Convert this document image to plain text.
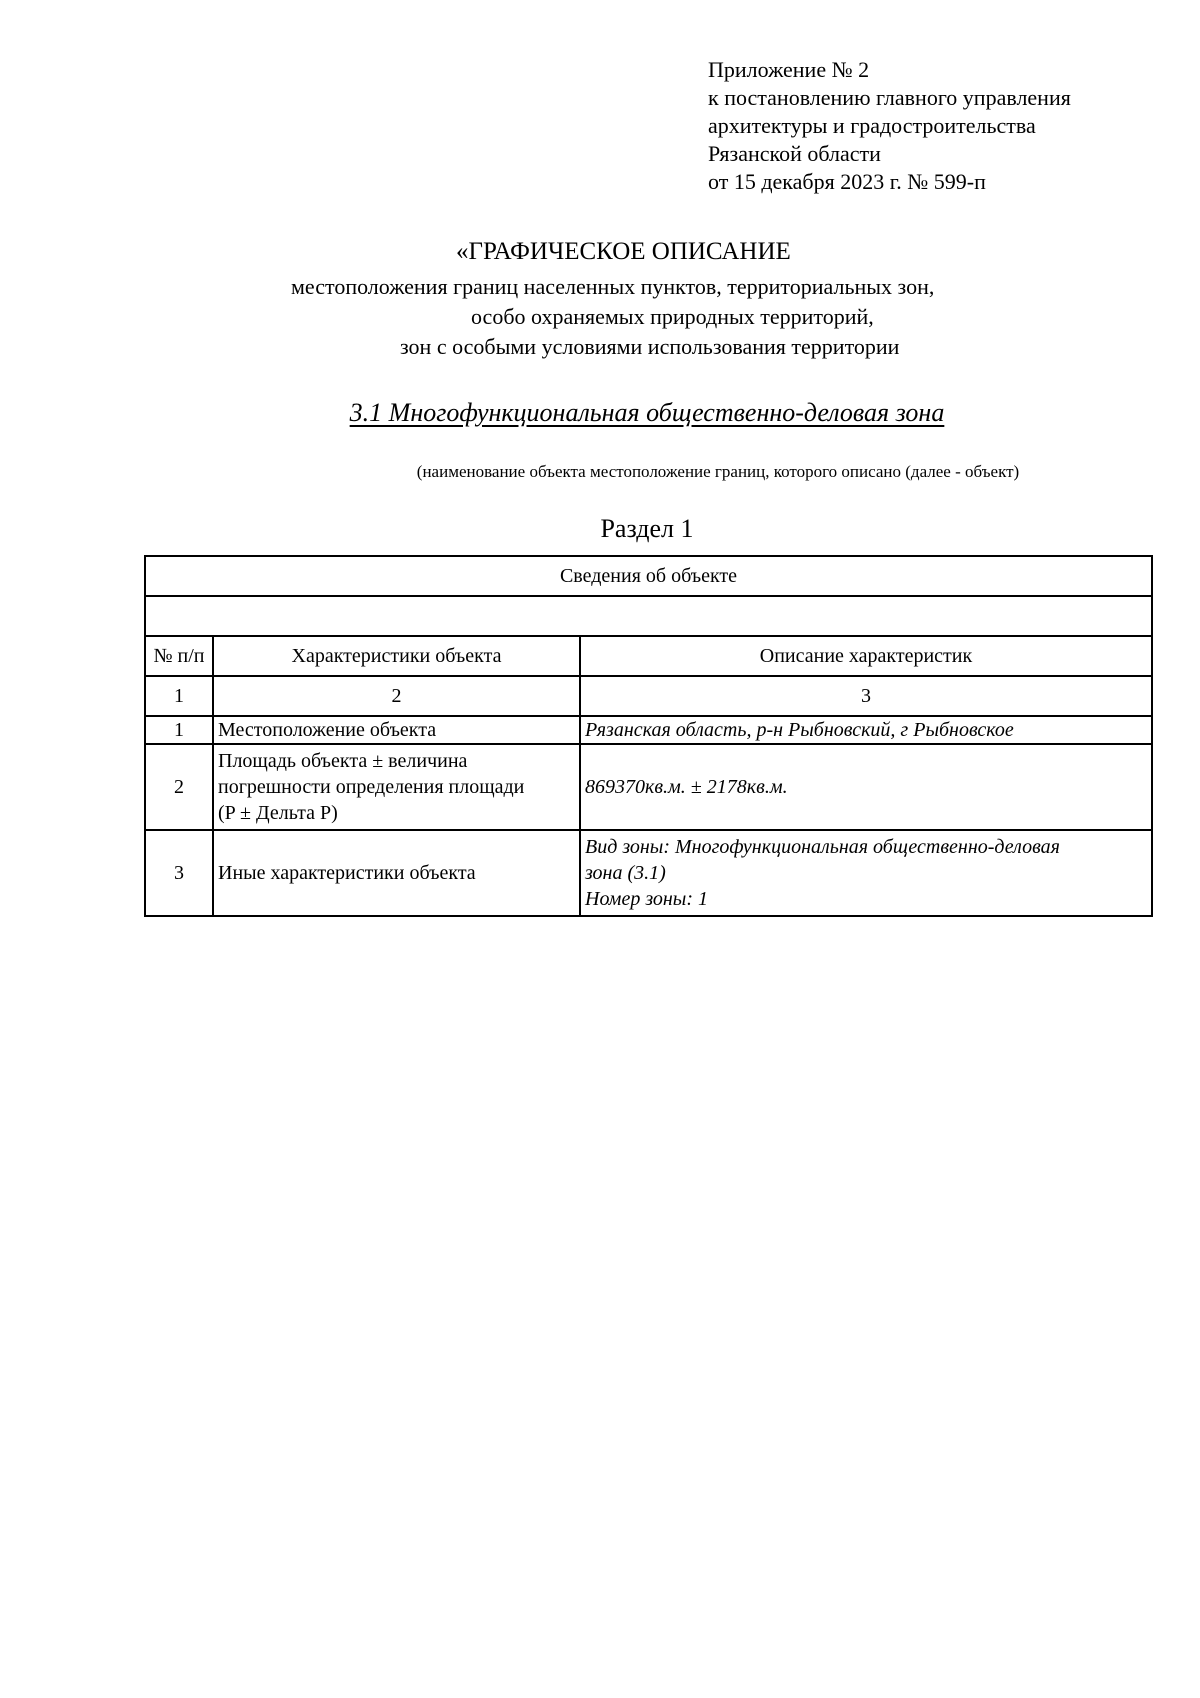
Приложение № 2
к постановлению главного управления
архитектуры и градостроительства
Рязанской области
от 15 декабря 2023 г. № 599-п
«ГРАФИЧЕСКОЕ ОПИСАНИЕ
местоположения границ населенных пунктов, территориальных зон,
особо охраняемых природных территорий,
зон с особыми условиями использования территории
3.1 Многофункциональная общественно-деловая зона
(наименование объекта местоположение границ, которого описано (далее - объект)
Раздел 1
Сведения об объекте		

№ п/п	Характеристики объекта	Описание характеристик
1	2	3
1	Местоположение объекта	Рязанская область, р-н Рыбновский, г Рыбновское

2	Площадь объекта ± величина
погрешности определения площади
(P ± Дельта P)	869370кв.м. ± 2178кв.м.

3	Иные характеристики объекта	Вид зоны: Многофункциональная общественно-деловая
зона (3.1)
Номер зоны: 1
